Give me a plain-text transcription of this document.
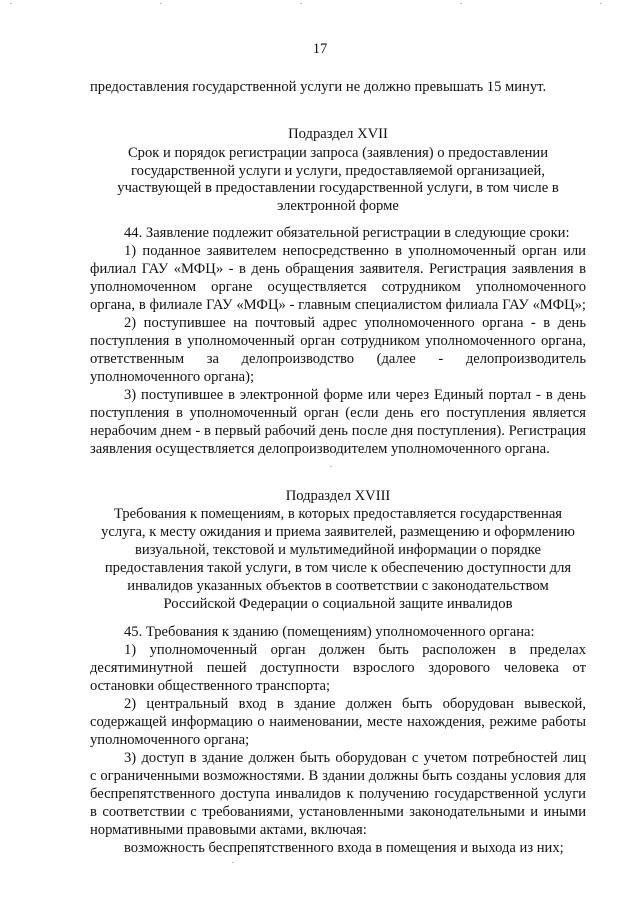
17
предоставления государственной услуги не должно превышать 15 минут.
Подраздел XVII
Срок и порядок регистрации запроса (заявления) о предоставлении
государственной услуги и услуги, предоставляемой организацией,
участвующей в предоставлении государственной услуги, в том числе в
электронной форме
44. Заявление подлежит обязательной регистрации в следующие сроки:
1) поданное заявителем непосредственно в уполномоченный орган или
филиал ГАУ «МФЦ» - в день обращения заявителя. Регистрация заявления в
уполномоченном органе осуществляется сотрудником уполномоченного
органа, в филиале ГАУ «МФЦ» - главным специалистом филиала ГАУ «МФЦ»;
2) поступившее на почтовый адрес уполномоченного органа - в день
поступления в уполномоченный орган сотрудником уполномоченного органа,
ответственным за делопроизводство (далее - делопроизводитель
уполномоченного органа);
3) поступившее в электронной форме или через Единый портал - в день
поступления в уполномоченный орган (если день его поступления является
нерабочим днем - в первый рабочий день после дня поступления). Регистрация
заявления осуществляется делопроизводителем уполномоченного органа.
Подраздел XVIII
Требования к помещениям, в которых предоставляется государственная
услуга, к месту ожидания и приема заявителей, размещению и оформлению
визуальной, текстовой и мультимедийной информации о порядке
предоставления такой услуги, в том числе к обеспечению доступности для
инвалидов указанных объектов в соответствии с законодательством
Российской Федерации о социальной защите инвалидов
45. Требования к зданию (помещениям) уполномоченного органа:
1) уполномоченный орган должен быть расположен в пределах
десятиминутной пешей доступности взрослого здорового человека от
остановки общественного транспорта;
2) центральный вход в здание должен быть оборудован вывеской,
содержащей информацию о наименовании, месте нахождения, режиме работы
уполномоченного органа;
3) доступ в здание должен быть оборудован с учетом потребностей лиц
с ограниченными возможностями. В здании должны быть созданы условия для
беспрепятственного доступа инвалидов к получению государственной услуги
в соответствии с требованиями, установленными законодательными и иными
нормативными правовыми актами, включая:
возможность беспрепятственного входа в помещения и выхода из них;
